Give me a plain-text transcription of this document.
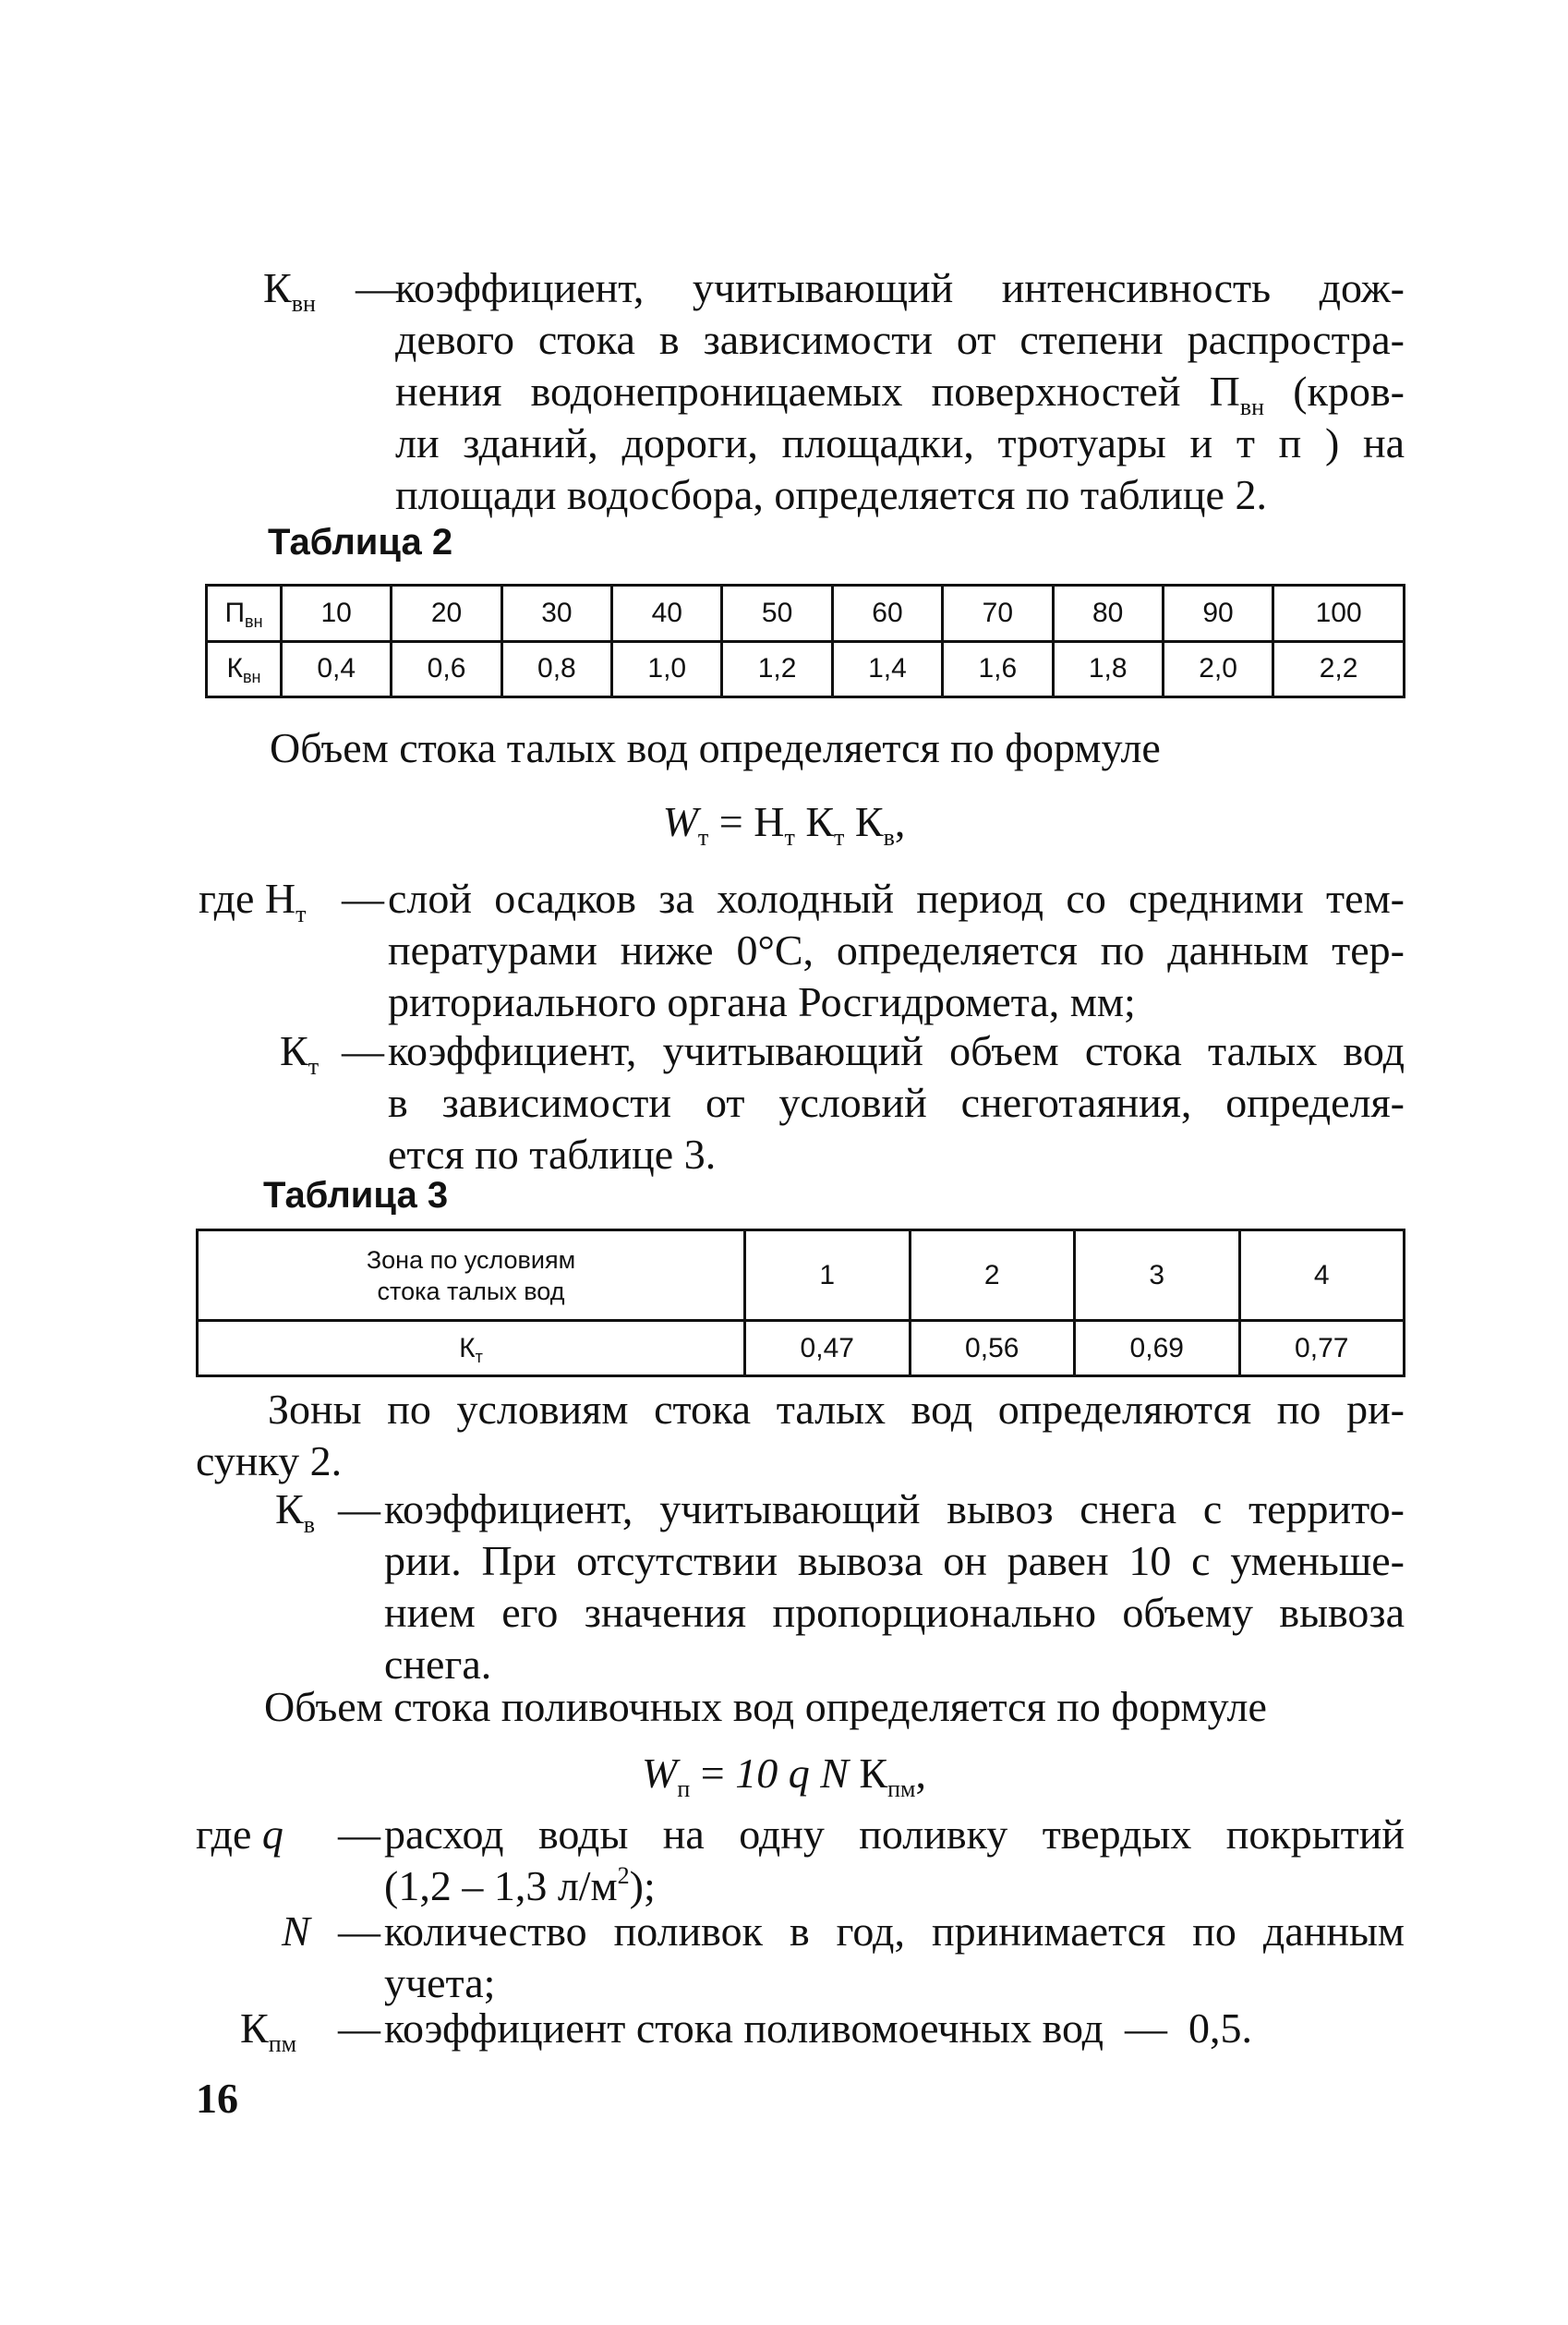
$К_{вн}$ —
коэффициент, учитывающий интенсивность дож-
девого стока в зависимости от степени распростра-
нения водонепроницаемых поверхностей $П_{вн}$ (кров-
ли зданий, дороги, площадки, тротуары и т п ) на
площади водосбора, определяется по таблице 2.
Таблица 2
$П_{вн}$	10	20	30	40	50	60	70	80	90	100
$К_{вн}$	0,4	0,6	0,8	1,0	1,2	1,4	1,6	1,8	2,0	2,2
Объем стока талых вод определяется по формуле
$W_т = Н_т$ $К_т$ $К_в$,
где $Н_т$ — слой осадков за холодный период со средними тем-
пературами ниже 0°С, определяется по данным тер-
риториального органа Росгидромета, мм;
$К_т$ — коэффициент, учитывающий объем стока талых вод
в зависимости от условий снеготаяния, определя-
ется по таблице 3.
Таблица 3
Зона по условиям
стока талых вод	1	2	3	4
$К_т$	0,47	0,56	0,69	0,77
Зоны по условиям стока талых вод определяются по ри-
сунку 2.
$К_в$ — коэффициент, учитывающий вывоз снега с террито-
рии. При отсутствии вывоза он равен 10 с уменьше-
нием его значения пропорционально объему вывоза
снега.
Объем стока поливочных вод определяется по формуле
$W_п = 10$ q N $К_{пм}$,
где q — расход воды на одну поливку твердых покрытий
(1,2 – 1,3 $л/м^2$);
N — количество поливок в год, принимается по данным
учета;
$К_{пм}$ — коэффициент стока поливомоечных вод  —  0,5.
16
